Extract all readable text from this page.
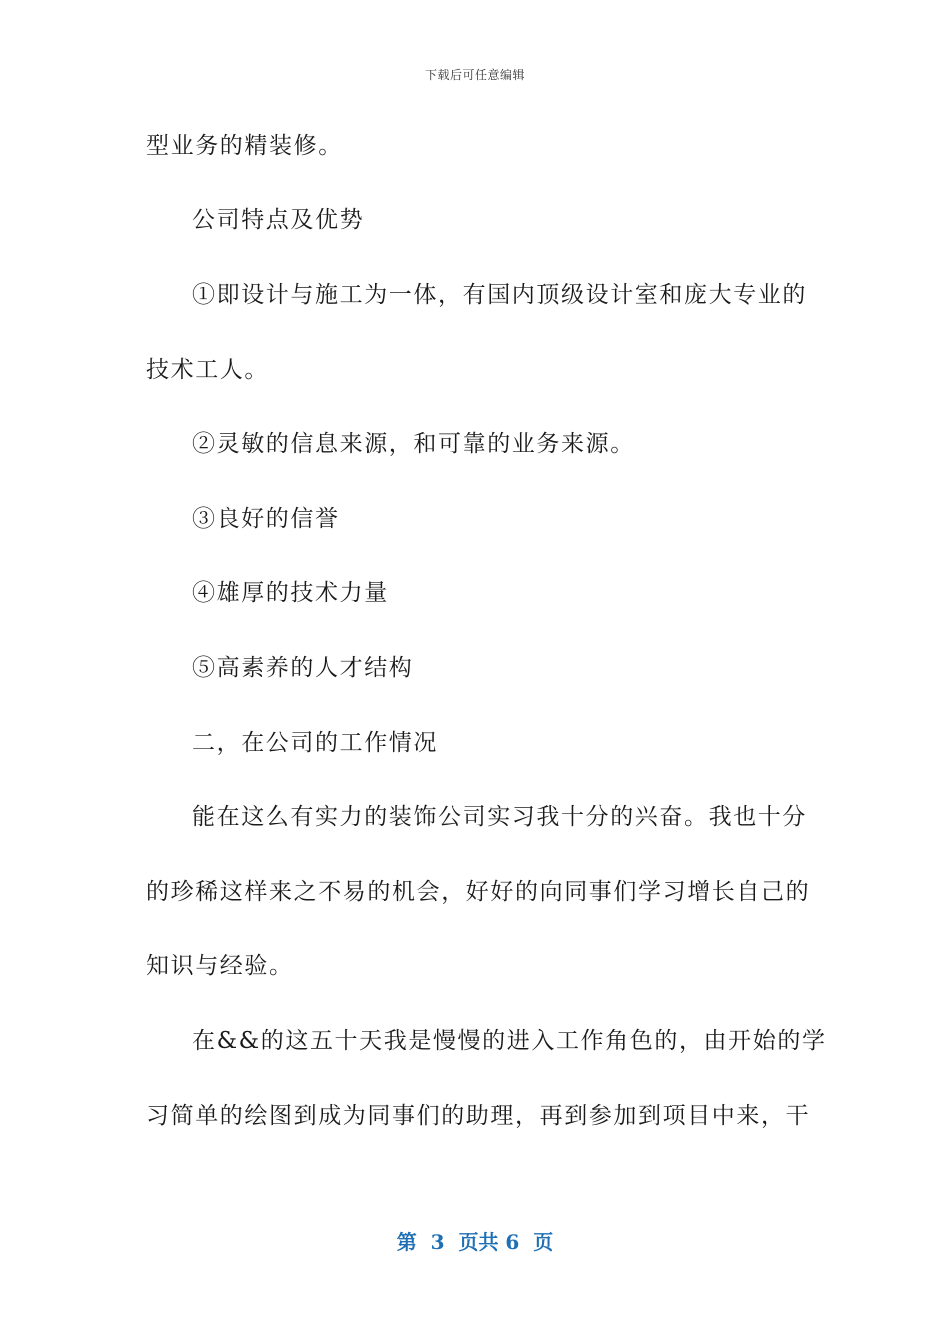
下载后可任意编辑
型业务的精装修。
公司特点及优势
①即设计与施工为一体，有国内顶级设计室和庞大专业的
技术工人。
②灵敏的信息来源，和可靠的业务来源。
③良好的信誉
④雄厚的技术力量
⑤高素养的人才结构
二，在公司的工作情况
能在这么有实力的装饰公司实习我十分的兴奋。我也十分
的珍稀这样来之不易的机会，好好的向同事们学习增长自己的
知识与经验。
在&&的这五十天我是慢慢的进入工作角色的，由开始的学
习简单的绘图到成为同事们的助理，再到参加到项目中来，干
第  3  页共 6  页
